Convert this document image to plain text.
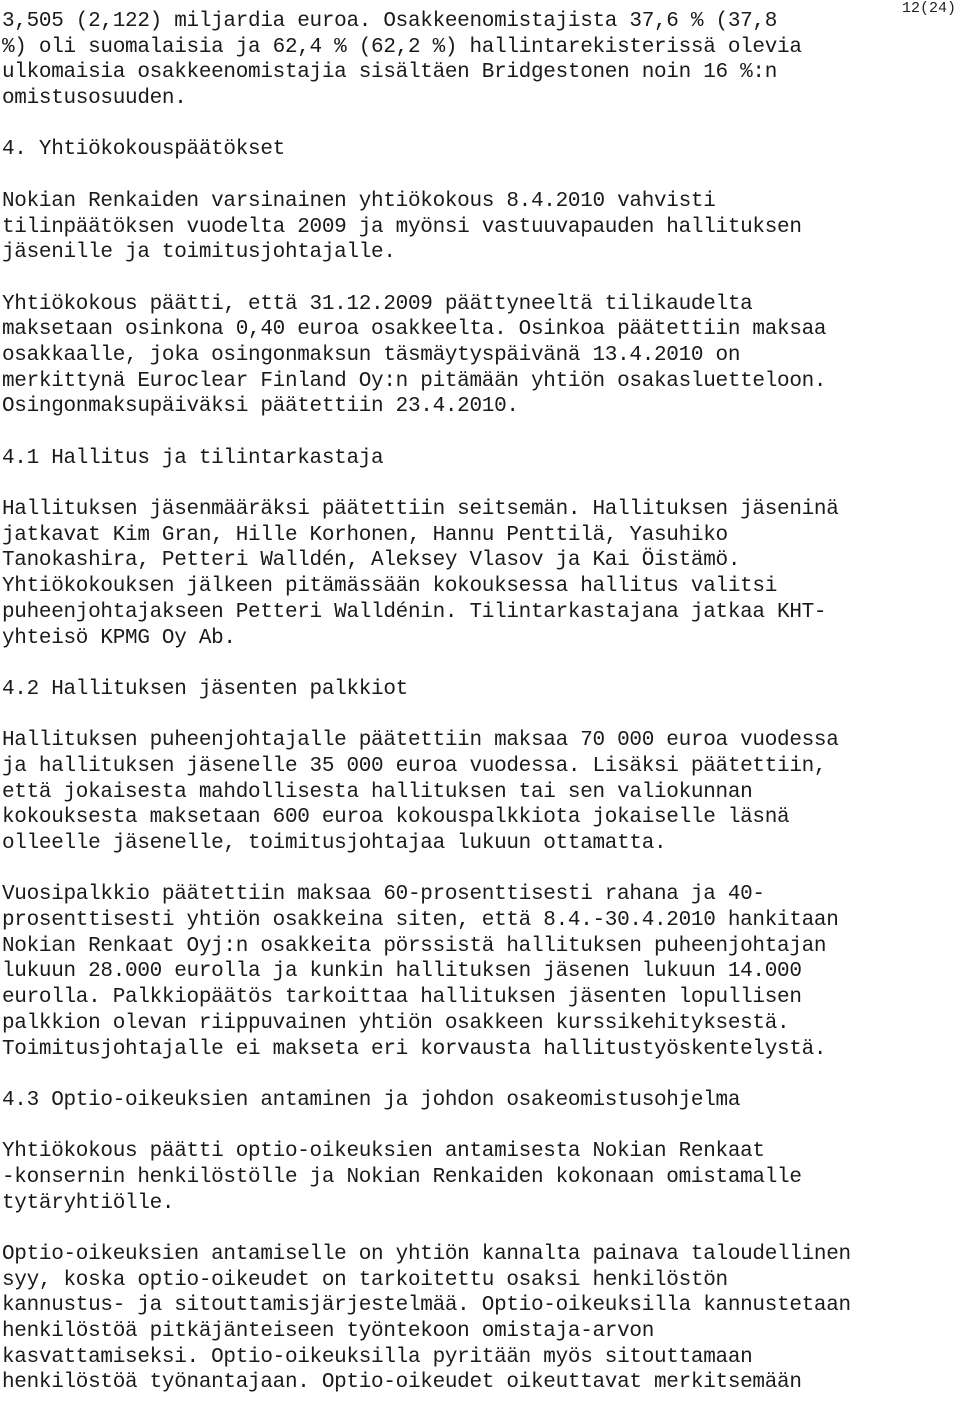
12(24)
3,505 (2,122) miljardia euroa. Osakkeenomistajista 37,6 % (37,8
%) oli suomalaisia ja 62,4 % (62,2 %) hallintarekisterissä olevia
ulkomaisia osakkeenomistajia sisältäen Bridgestonen noin 16 %:n
omistusosuuden.
4. Yhtiökokouspäätökset
Nokian Renkaiden varsinainen yhtiökokous 8.4.2010 vahvisti
tilinpäätöksen vuodelta 2009 ja myönsi vastuuvapauden hallituksen
jäsenille ja toimitusjohtajalle.
Yhtiökokous päätti, että 31.12.2009 päättyneeltä tilikaudelta
maksetaan osinkona 0,40 euroa osakkeelta. Osinkoa päätettiin maksaa
osakkaalle, joka osingonmaksun täsmäytyspäivänä 13.4.2010 on
merkittynä Euroclear Finland Oy:n pitämään yhtiön osakasluetteloon.
Osingonmaksupäiväksi päätettiin 23.4.2010.
4.1 Hallitus ja tilintarkastaja
Hallituksen jäsenmääräksi päätettiin seitsemän. Hallituksen jäseninä
jatkavat Kim Gran, Hille Korhonen, Hannu Penttilä, Yasuhiko
Tanokashira, Petteri Walldén, Aleksey Vlasov ja Kai Öistämö.
Yhtiökokouksen jälkeen pitämässään kokouksessa hallitus valitsi
puheenjohtajakseen Petteri Walldénin. Tilintarkastajana jatkaa KHT-
yhteisö KPMG Oy Ab.
4.2 Hallituksen jäsenten palkkiot
Hallituksen puheenjohtajalle päätettiin maksaa 70 000 euroa vuodessa
ja hallituksen jäsenelle 35 000 euroa vuodessa. Lisäksi päätettiin,
että jokaisesta mahdollisesta hallituksen tai sen valiokunnan
kokouksesta maksetaan 600 euroa kokouspalkkiota jokaiselle läsnä
olleelle jäsenelle, toimitusjohtajaa lukuun ottamatta.
Vuosipalkkio päätettiin maksaa 60-prosenttisesti rahana ja 40-
prosenttisesti yhtiön osakkeina siten, että 8.4.-30.4.2010 hankitaan
Nokian Renkaat Oyj:n osakkeita pörssistä hallituksen puheenjohtajan
lukuun 28.000 eurolla ja kunkin hallituksen jäsenen lukuun 14.000
eurolla. Palkkiopäätös tarkoittaa hallituksen jäsenten lopullisen
palkkion olevan riippuvainen yhtiön osakkeen kurssikehityksestä.
Toimitusjohtajalle ei makseta eri korvausta hallitustyöskentelystä.
4.3 Optio-oikeuksien antaminen ja johdon osakeomistusohjelma
Yhtiökokous päätti optio-oikeuksien antamisesta Nokian Renkaat
-konsernin henkilöstölle ja Nokian Renkaiden kokonaan omistamalle
tytäryhtiölle.
Optio-oikeuksien antamiselle on yhtiön kannalta painava taloudellinen
syy, koska optio-oikeudet on tarkoitettu osaksi henkilöstön
kannustus- ja sitouttamisjärjestelmää. Optio-oikeuksilla kannustetaan
henkilöstöä pitkäjänteiseen työntekoon omistaja-arvon
kasvattamiseksi. Optio-oikeuksilla pyritään myös sitouttamaan
henkilöstöä työnantajaan. Optio-oikeudet oikeuttavat merkitsemään
